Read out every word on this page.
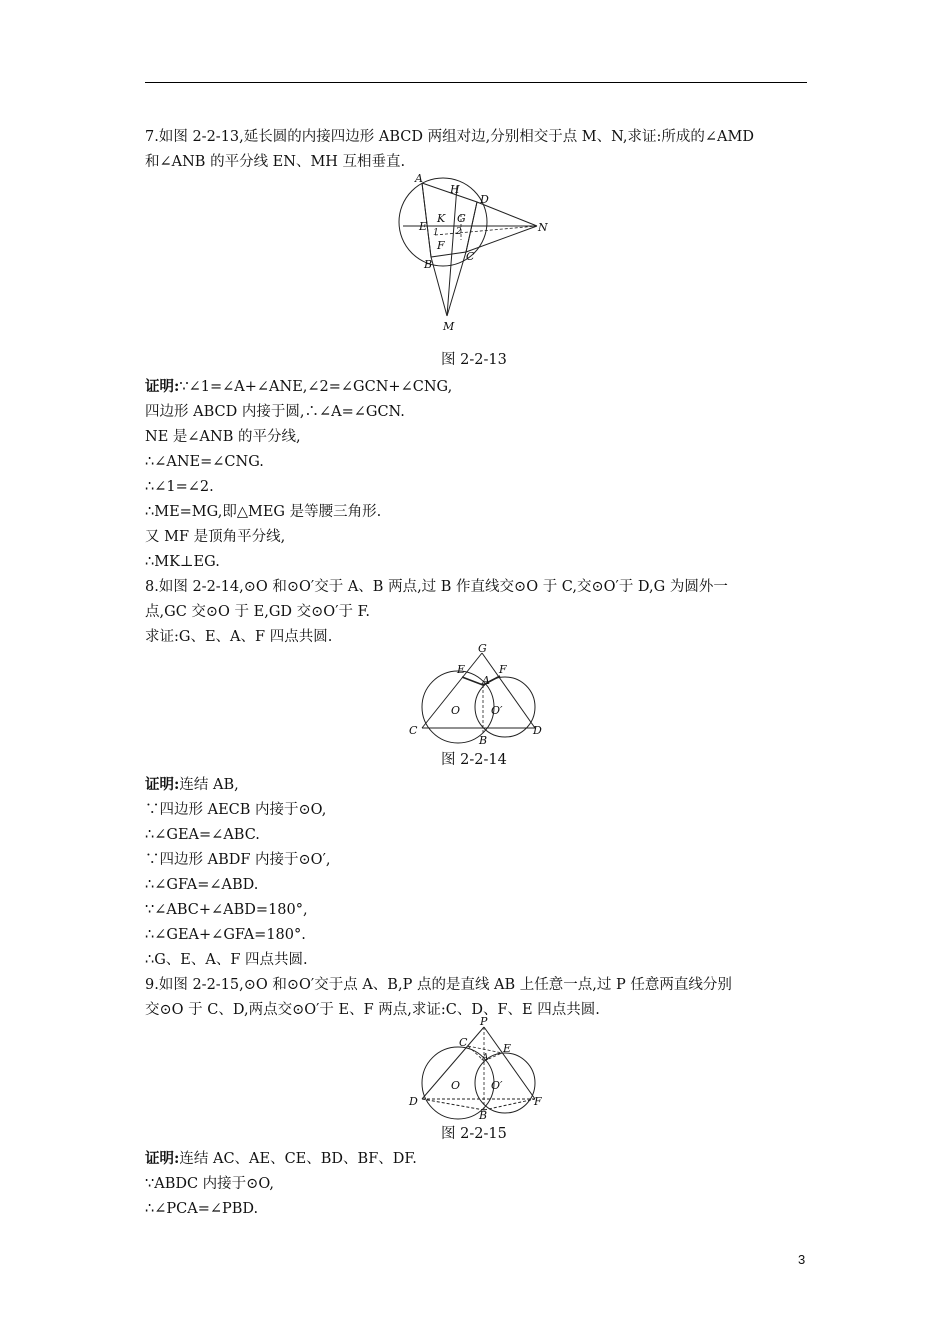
7.如图 2-2-13,延长圆的内接四边形 ABCD 两组对边,分别相交于点 M、N,求证:所成的∠AMD
和∠ANB 的平分线 EN、MH 互相垂直.
A
H
D
E
K G
N
1 2
F
B
C
M
图 2-2-13
证明:∵∠1=∠A+∠ANE,∠2=∠GCN+∠CNG,
四边形 ABCD 内接于圆,∴∠A=∠GCN.
NE 是∠ANB 的平分线,
∴∠ANE=∠CNG.
∴∠1=∠2.
∴ME=MG,即△MEG 是等腰三角形.
又 MF 是顶角平分线,
∴MK⊥EG.
8.如图 2-2-14,⊙O 和⊙O′交于 A、B 两点,过 B 作直线交⊙O 于 C,交⊙O′于 D,G 为圆外一
点,GC 交⊙O 于 E,GD 交⊙O′于 F.
求证:G、E、A、F 四点共圆.
G
E	F
A
O	O′
C
B
D
图 2-2-14
证明:连结 AB,
∵四边形 AECB 内接于⊙O,
∴∠GEA=∠ABC.
∵四边形 ABDF 内接于⊙O′,
∴∠GFA=∠ABD.
∵∠ABC+∠ABD=180°,
∴∠GEA+∠GFA=180°.
∴G、E、A、F 四点共圆.
9.如图 2-2-15,⊙O 和⊙O′交于点 A、B,P 点的是直线 AB 上任意一点,过 P 任意两直线分别
交⊙O 于 C、D,两点交⊙O′于 E、F 两点,求证:C、D、F、E 四点共圆.
P
C
A
E
O	O′
D
B
F
图 2-2-15
证明:连结 AC、AE、CE、BD、BF、DF.
∵ABDC 内接于⊙O,
∴∠PCA=∠PBD.
3
